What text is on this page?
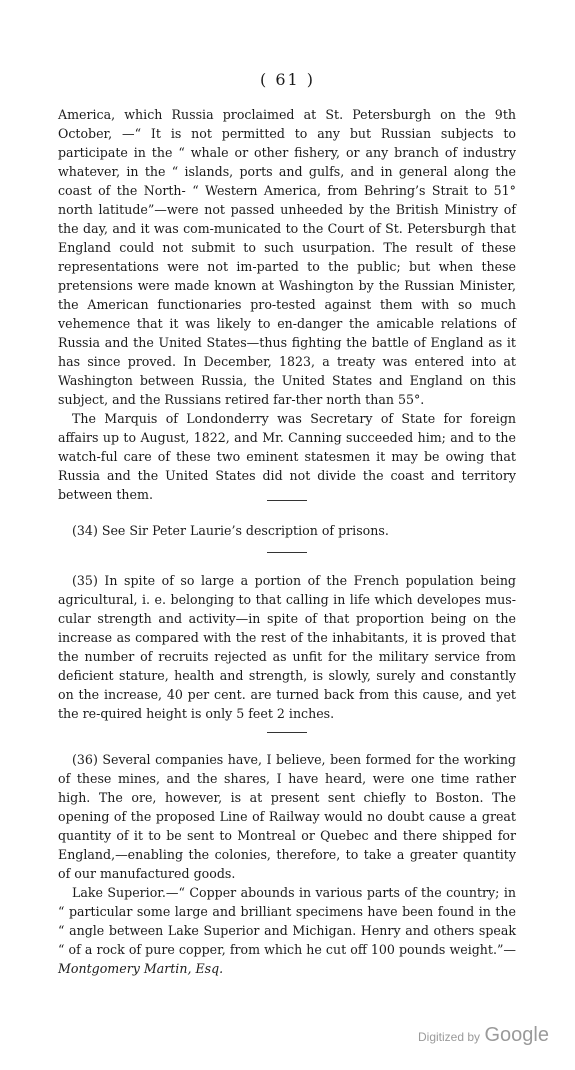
( 61 )

America, which Russia proclaimed at St. Petersburgh on the 9th October, —“ It is not permitted to any but Russian subjects to participate in the “ whale or other fishery, or any branch of industry whatever, in the “ islands, ports and gulfs, and in general along the coast of the North- “ Western America, from Behring’s Strait to 51° north latitude”—were not passed unheeded by the British Ministry of the day, and it was com-municated to the Court of St. Petersburgh that England could not submit to such usurpation. The result of these representations were not im-parted to the public; but when these pretensions were made known at Washington by the Russian Minister, the American functionaries pro-tested against them with so much vehemence that it was likely to en-danger the amicable relations of Russia and the United States—thus fighting the battle of England as it has since proved. In December, 1823, a treaty was entered into at Washington between Russia, the United States and England on this subject, and the Russians retired far-ther north than 55°.

The Marquis of Londonderry was Secretary of State for foreign affairs up to August, 1822, and Mr. Canning succeeded him; and to the watch-ful care of these two eminent statesmen it may be owing that Russia and the United States did not divide the coast and territory between them.

(34) See Sir Peter Laurie’s description of prisons.

(35) In spite of so large a portion of the French population being agricultural, i. e. belonging to that calling in life which developes mus-cular strength and activity—in spite of that proportion being on the increase as compared with the rest of the inhabitants, it is proved that the number of recruits rejected as unfit for the military service from deficient stature, health and strength, is slowly, surely and constantly on the increase, 40 per cent. are turned back from this cause, and yet the re-quired height is only 5 feet 2 inches.

(36) Several companies have, I believe, been formed for the working of these mines, and the shares, I have heard, were one time rather high. The ore, however, is at present sent chiefly to Boston. The opening of the proposed Line of Railway would no doubt cause a great quantity of it to be sent to Montreal or Quebec and there shipped for England,—enabling the colonies, therefore, to take a greater quantity of our manufactured goods.

Lake Superior.—“ Copper abounds in various parts of the country; in “ particular some large and brilliant specimens have been found in the “ angle between Lake Superior and Michigan. Henry and others speak “ of a rock of pure copper, from which he cut off 100 pounds weight.”— Montgomery Martin, Esq.

Digitized by Google
